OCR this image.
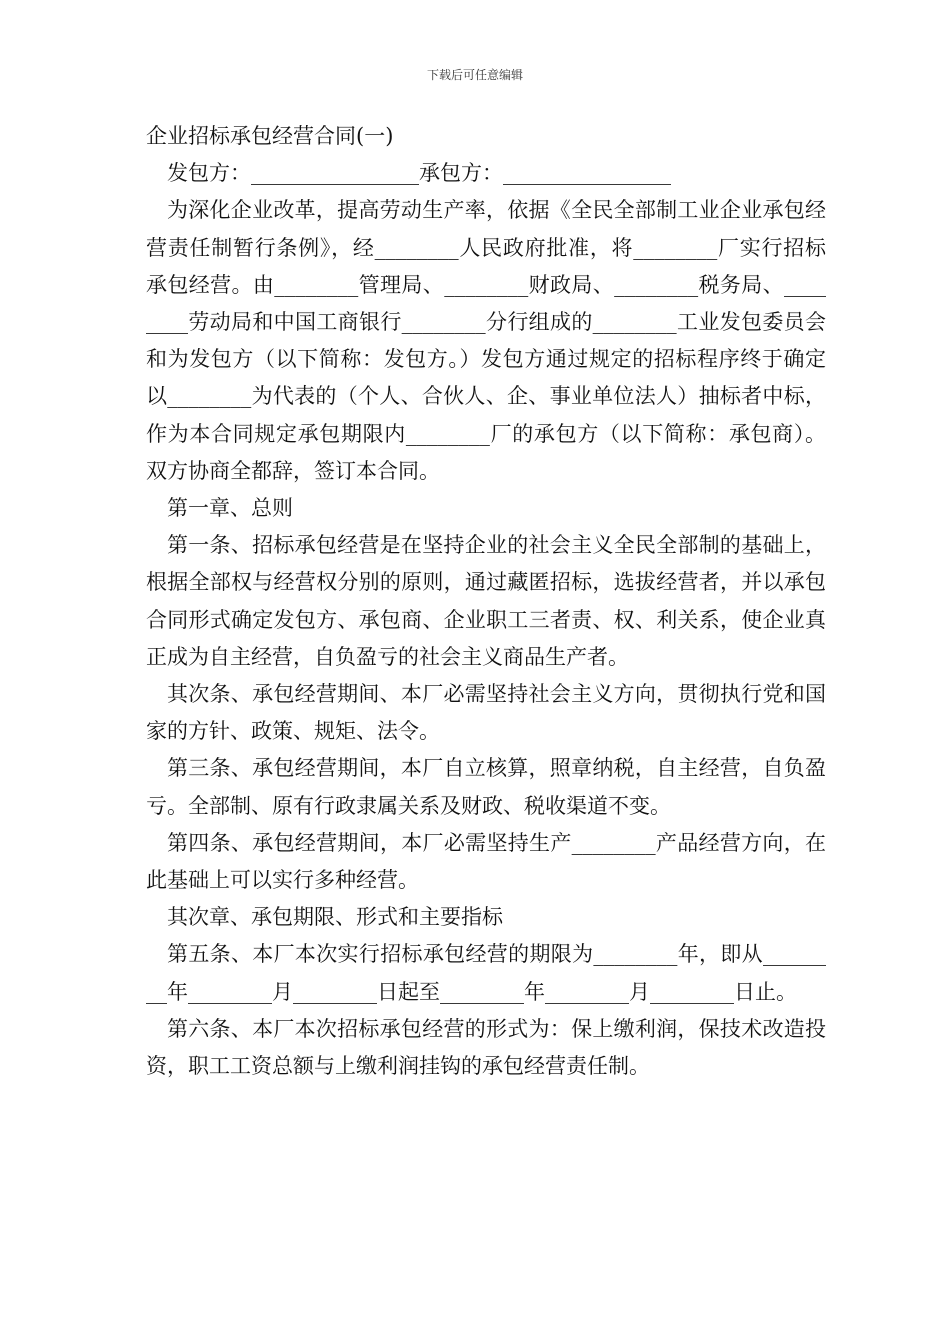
下载后可任意编辑

企业招标承包经营合同(一)

发包方：________________承包方：________________

为深化企业改革，提高劳动生产率，依据《全民全部制工业企业承包经营责任制暂行条例》，经________人民政府批准，将________厂实行招标承包经营。由________管理局、________财政局、________税务局、________劳动局和中国工商银行________分行组成的________工业发包委员会和为发包方（以下简称：发包方。）发包方通过规定的招标程序终于确定以________为代表的（个人、合伙人、企、事业单位法人）抽标者中标，作为本合同规定承包期限内________厂的承包方（以下简称：承包商）。双方协商全都辞，签订本合同。

第一章、总则

第一条、招标承包经营是在坚持企业的社会主义全民全部制的基础上，根据全部权与经营权分别的原则，通过藏匿招标，选拔经营者，并以承包合同形式确定发包方、承包商、企业职工三者责、权、利关系，使企业真正成为自主经营，自负盈亏的社会主义商品生产者。

其次条、承包经营期间、本厂必需坚持社会主义方向，贯彻执行党和国家的方针、政策、规矩、法令。

第三条、承包经营期间，本厂自立核算，照章纳税，自主经营，自负盈亏。全部制、原有行政隶属关系及财政、税收渠道不变。

第四条、承包经营期间，本厂必需坚持生产________产品经营方向，在此基础上可以实行多种经营。

其次章、承包期限、形式和主要指标

第五条、本厂本次实行招标承包经营的期限为________年，即从________年________月________日起至________年________月________日止。

第六条、本厂本次招标承包经营的形式为：保上缴利润，保技术改造投资，职工工资总额与上缴利润挂钩的承包经营责任制。
